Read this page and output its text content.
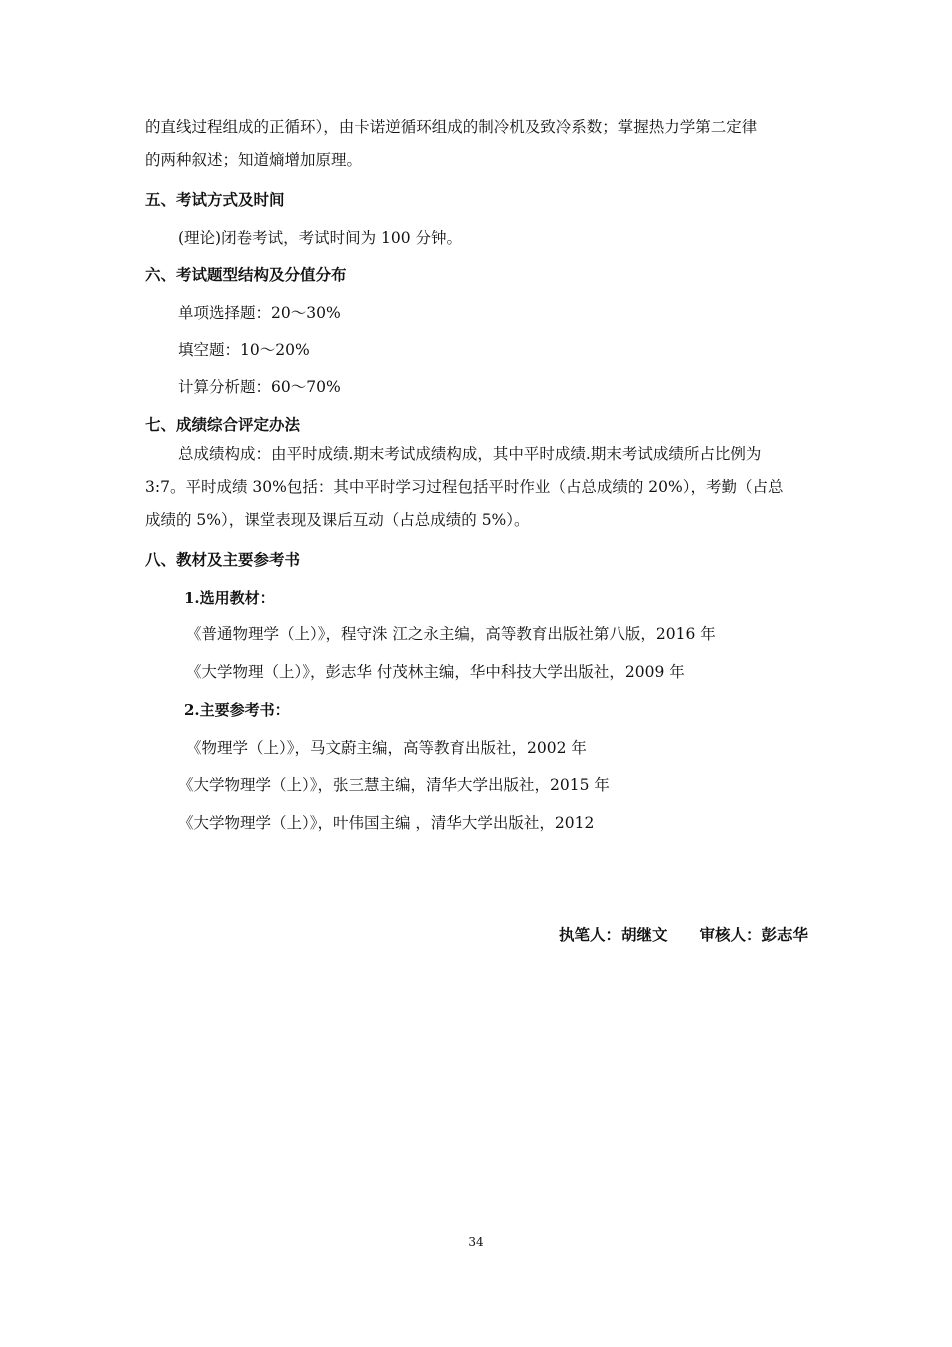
的直线过程组成的正循环），由卡诺逆循环组成的制冷机及致冷系数；掌握热力学第二定律
的两种叙述；知道熵增加原理。
五、考试方式及时间
(理论)闭卷考试，考试时间为 100 分钟。
六、考试题型结构及分值分布
单项选择题：20～30%
填空题：10～20%
计算分析题：60～70%
七、成绩综合评定办法
总成绩构成：由平时成绩.期末考试成绩构成，其中平时成绩.期末考试成绩所占比例为
3:7。平时成绩 30%包括：其中平时学习过程包括平时作业（占总成绩的 20%），考勤（占总
成绩的 5%），课堂表现及课后互动（占总成绩的 5%）。
八、教材及主要参考书
1.选用教材：
《普通物理学（上）》，程守洙 江之永主编，高等教育出版社第八版，2016 年
《大学物理（上）》，彭志华 付茂林主编，华中科技大学出版社，2009 年
2.主要参考书：
《物理学（上）》，马文蔚主编，高等教育出版社，2002 年
《大学物理学（上）》，张三慧主编，清华大学出版社，2015 年
《大学物理学（上）》，叶伟国主编 ，清华大学出版社，2012
执笔人：胡继文 审核人：彭志华
34
